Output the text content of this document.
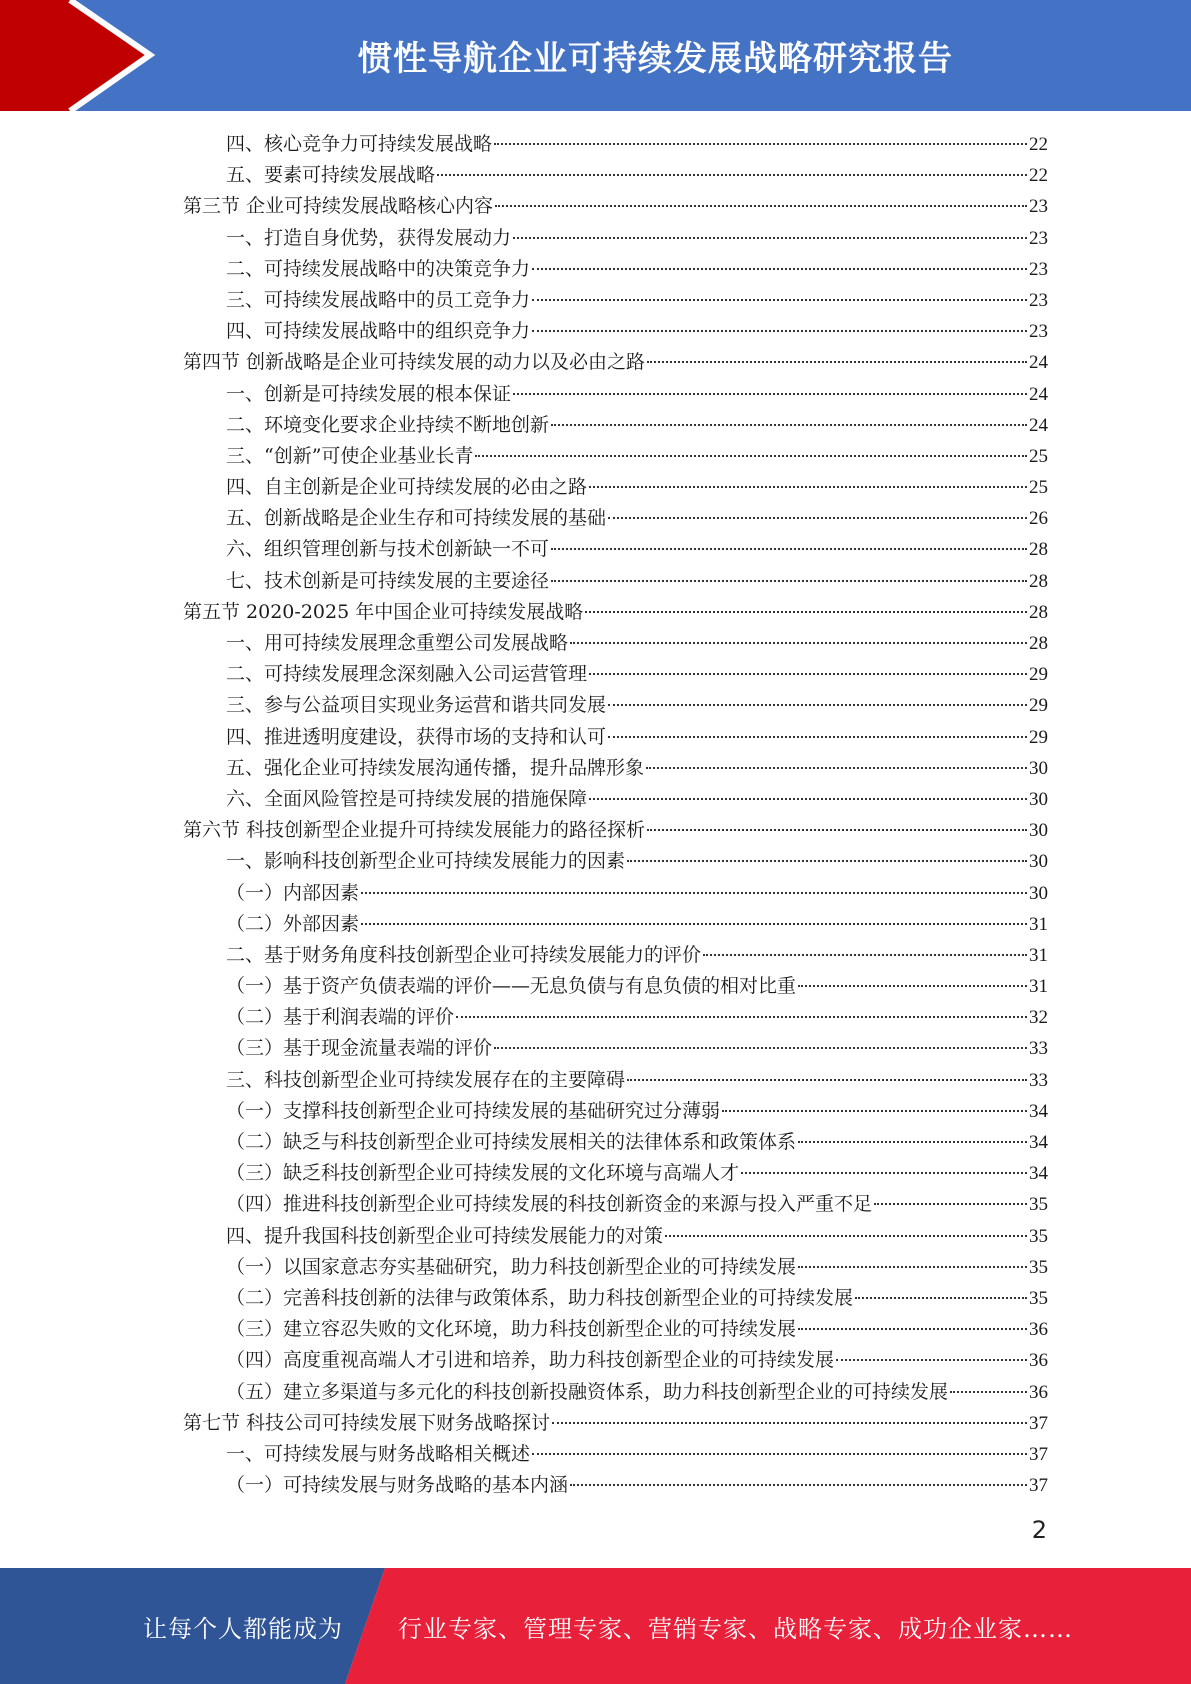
惯性导航企业可持续发展战略研究报告
四、核心竞争力可持续发展战略	22
五、要素可持续发展战略	22
第三节 企业可持续发展战略核心内容	23
一、打造自身优势，获得发展动力	23
二、可持续发展战略中的决策竞争力	23
三、可持续发展战略中的员工竞争力	23
四、可持续发展战略中的组织竞争力	23
第四节 创新战略是企业可持续发展的动力以及必由之路	24
一、创新是可持续发展的根本保证	24
二、环境变化要求企业持续不断地创新	24
三、“创新”可使企业基业长青	25
四、自主创新是企业可持续发展的必由之路	25
五、创新战略是企业生存和可持续发展的基础	26
六、组织管理创新与技术创新缺一不可	28
七、技术创新是可持续发展的主要途径	28
第五节 2020-2025 年中国企业可持续发展战略	28
一、用可持续发展理念重塑公司发展战略	28
二、可持续发展理念深刻融入公司运营管理	29
三、参与公益项目实现业务运营和谐共同发展	29
四、推进透明度建设，获得市场的支持和认可	29
五、强化企业可持续发展沟通传播，提升品牌形象	30
六、全面风险管控是可持续发展的措施保障	30
第六节 科技创新型企业提升可持续发展能力的路径探析	30
一、影响科技创新型企业可持续发展能力的因素	30
（一）内部因素	30
（二）外部因素	31
二、基于财务角度科技创新型企业可持续发展能力的评价	31
（一）基于资产负债表端的评价——无息负债与有息负债的相对比重	31
（二）基于利润表端的评价	32
（三）基于现金流量表端的评价	33
三、科技创新型企业可持续发展存在的主要障碍	33
（一）支撑科技创新型企业可持续发展的基础研究过分薄弱	34
（二）缺乏与科技创新型企业可持续发展相关的法律体系和政策体系	34
（三）缺乏科技创新型企业可持续发展的文化环境与高端人才	34
（四）推进科技创新型企业可持续发展的科技创新资金的来源与投入严重不足	35
四、提升我国科技创新型企业可持续发展能力的对策	35
（一）以国家意志夯实基础研究，助力科技创新型企业的可持续发展	35
（二）完善科技创新的法律与政策体系，助力科技创新型企业的可持续发展	35
（三）建立容忍失败的文化环境，助力科技创新型企业的可持续发展	36
（四）高度重视高端人才引进和培养，助力科技创新型企业的可持续发展	36
（五）建立多渠道与多元化的科技创新投融资体系，助力科技创新型企业的可持续发展	36
第七节 科技公司可持续发展下财务战略探讨	37
一、可持续发展与财务战略相关概述	37
（一）可持续发展与财务战略的基本内涵	37
2
让每个人都能成为 行业专家、管理专家、营销专家、战略专家、成功企业家……
